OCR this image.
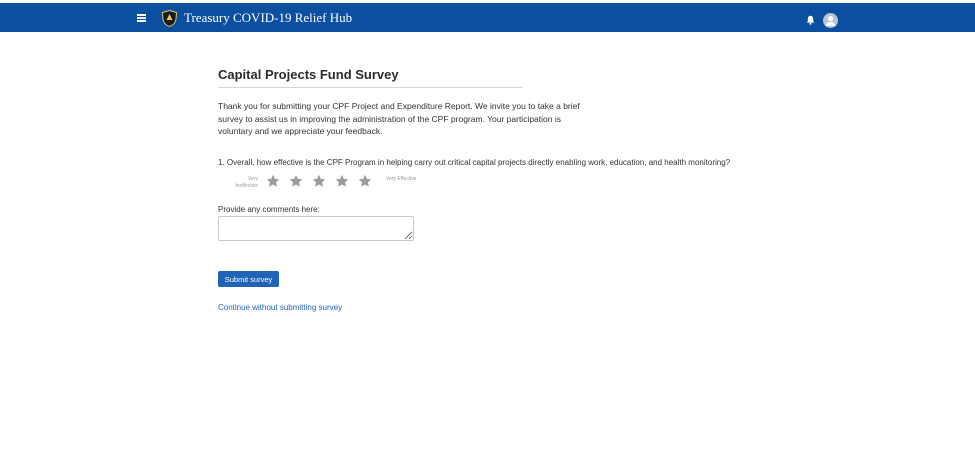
Treasury COVID-19 Relief Hub
Capital Projects Fund Survey

Thank you for submitting your CPF Project and Expenditure Report. We invite you to take a brief survey to assist us in improving the administration of the CPF program. Your participation is voluntary and we appreciate your feedback.

1. Overall, how effective is the CPF Program in helping carry out critical capital projects directly enabling work, education, and health monitoring?

Very Ineffective
Very Effective
Provide any comments here:
Submit survey
Continue without submitting survey
